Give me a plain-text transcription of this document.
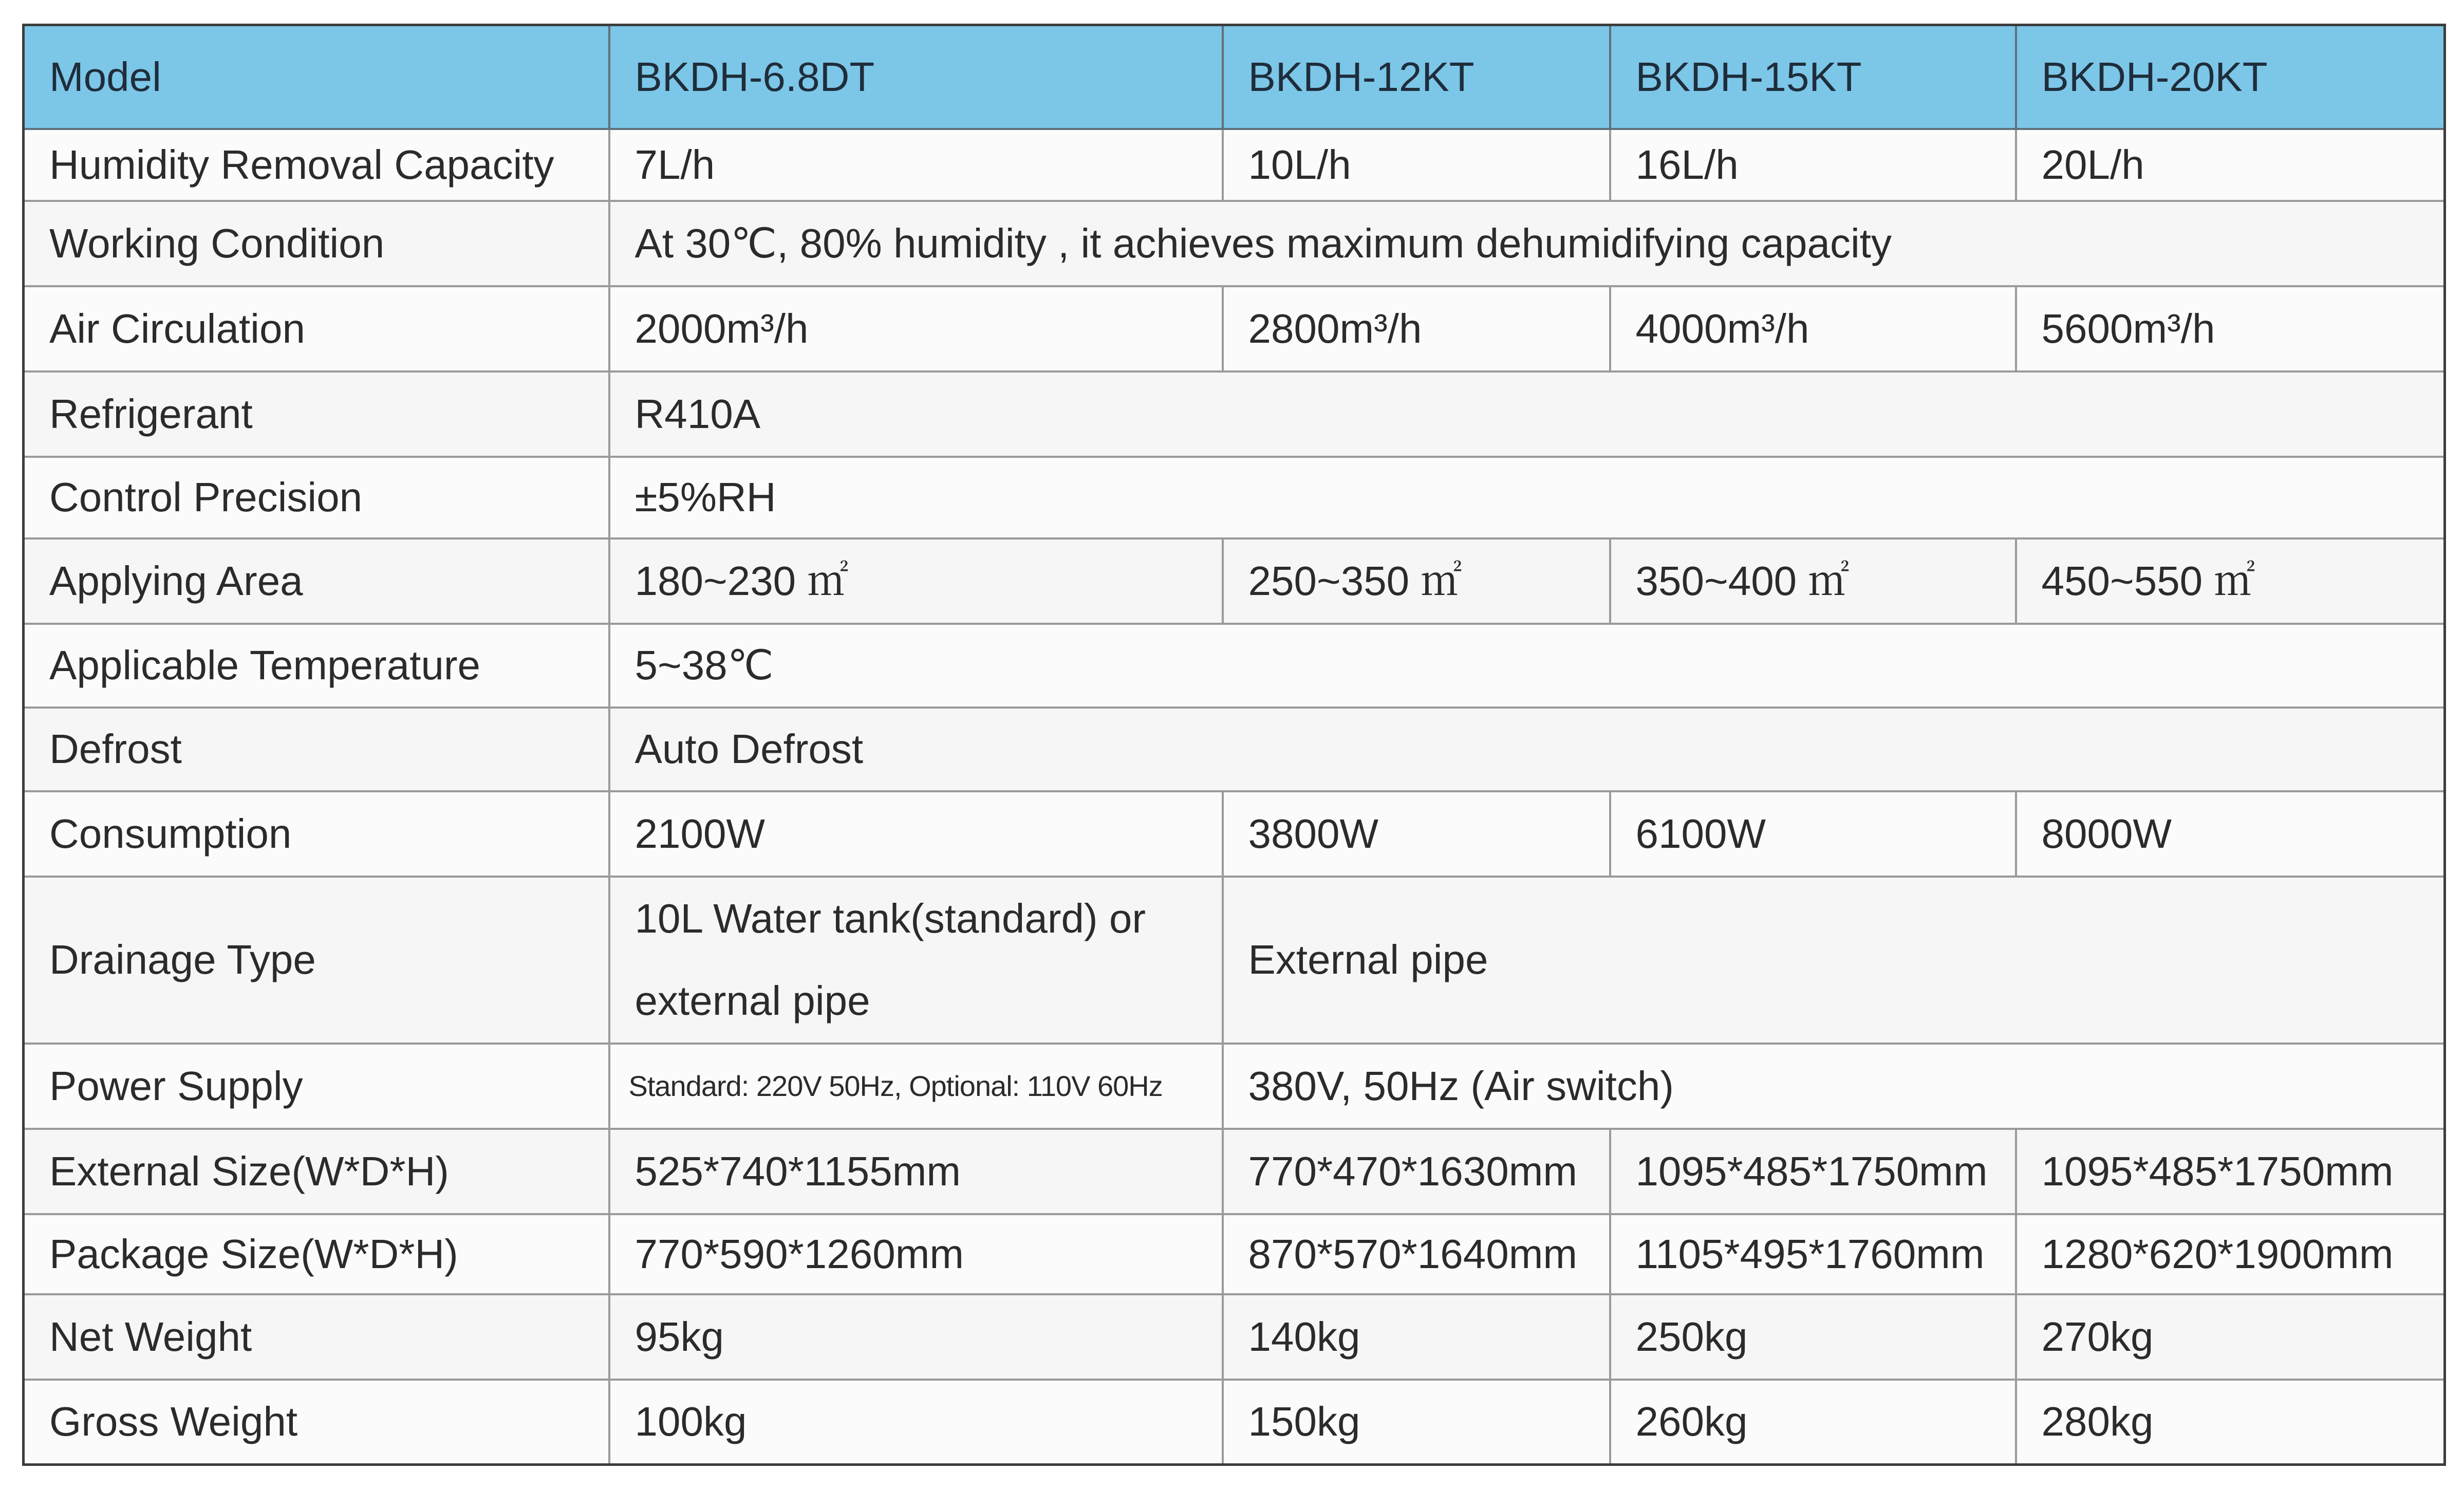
Model	BKDH-6.8DT	BKDH-12KT	BKDH-15KT	BKDH-20KT
Humidity Removal Capacity	7L/h	10L/h	16L/h	20L/h
Working Condition	At 30℃, 80% humidity , it achieves maximum dehumidifying capacity			
Air Circulation	2000m³/h	2800m³/h	4000m³/h	5600m³/h
Refrigerant	R410A			
Control Precision	±5%RH			
Applying Area	180~230 ㎡	250~350 ㎡	350~400 ㎡	450~550 ㎡
Applicable Temperature	5~38℃			
Defrost	Auto Defrost			
Consumption	2100W	3800W	6100W	8000W
Drainage Type	10L Water tank(standard) or external pipe	External pipe		
Power Supply	Standard: 220V 50Hz, Optional: 110V 60Hz	380V, 50Hz (Air switch)		
External Size(W*D*H)	525*740*1155mm	770*470*1630mm	1095*485*1750mm	1095*485*1750mm
Package Size(W*D*H)	770*590*1260mm	870*570*1640mm	1105*495*1760mm	1280*620*1900mm
Net Weight	95kg	140kg	250kg	270kg
Gross Weight	100kg	150kg	260kg	280kg
